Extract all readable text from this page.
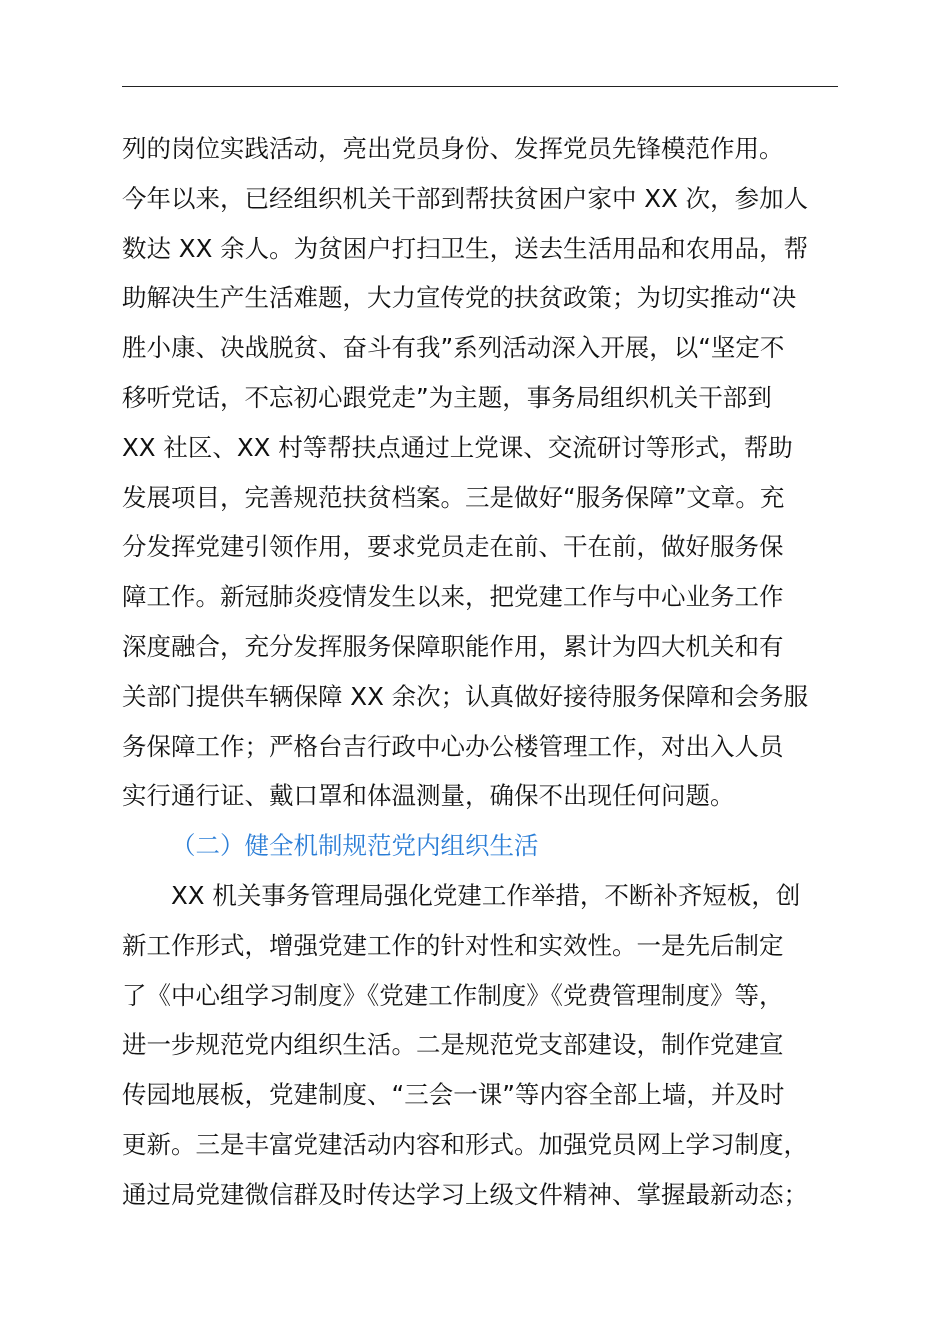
列的岗位实践活动，亮出党员身份、发挥党员先锋模范作用。
今年以来，已经组织机关干部到帮扶贫困户家中 XX 次，参加人
数达 XX 余人。为贫困户打扫卫生，送去生活用品和农用品，帮
助解决生产生活难题，大力宣传党的扶贫政策；为切实推动“决
胜小康、决战脱贫、奋斗有我”系列活动深入开展，以“坚定不
移听党话，不忘初心跟党走”为主题，事务局组织机关干部到
XX 社区、XX 村等帮扶点通过上党课、交流研讨等形式，帮助
发展项目，完善规范扶贫档案。三是做好“服务保障”文章。充
分发挥党建引领作用，要求党员走在前、干在前，做好服务保
障工作。新冠肺炎疫情发生以来，把党建工作与中心业务工作
深度融合，充分发挥服务保障职能作用，累计为四大机关和有
关部门提供车辆保障 XX 余次；认真做好接待服务保障和会务服
务保障工作；严格台吉行政中心办公楼管理工作，对出入人员
实行通行证、戴口罩和体温测量，确保不出现任何问题。
（二）健全机制规范党内组织生活
XX 机关事务管理局强化党建工作举措，不断补齐短板，创
新工作形式，增强党建工作的针对性和实效性。一是先后制定
了《中心组学习制度》《党建工作制度》《党费管理制度》等，
进一步规范党内组织生活。二是规范党支部建设，制作党建宣
传园地展板，党建制度、“三会一课”等内容全部上墙，并及时
更新。三是丰富党建活动内容和形式。加强党员网上学习制度，
通过局党建微信群及时传达学习上级文件精神、掌握最新动态；
